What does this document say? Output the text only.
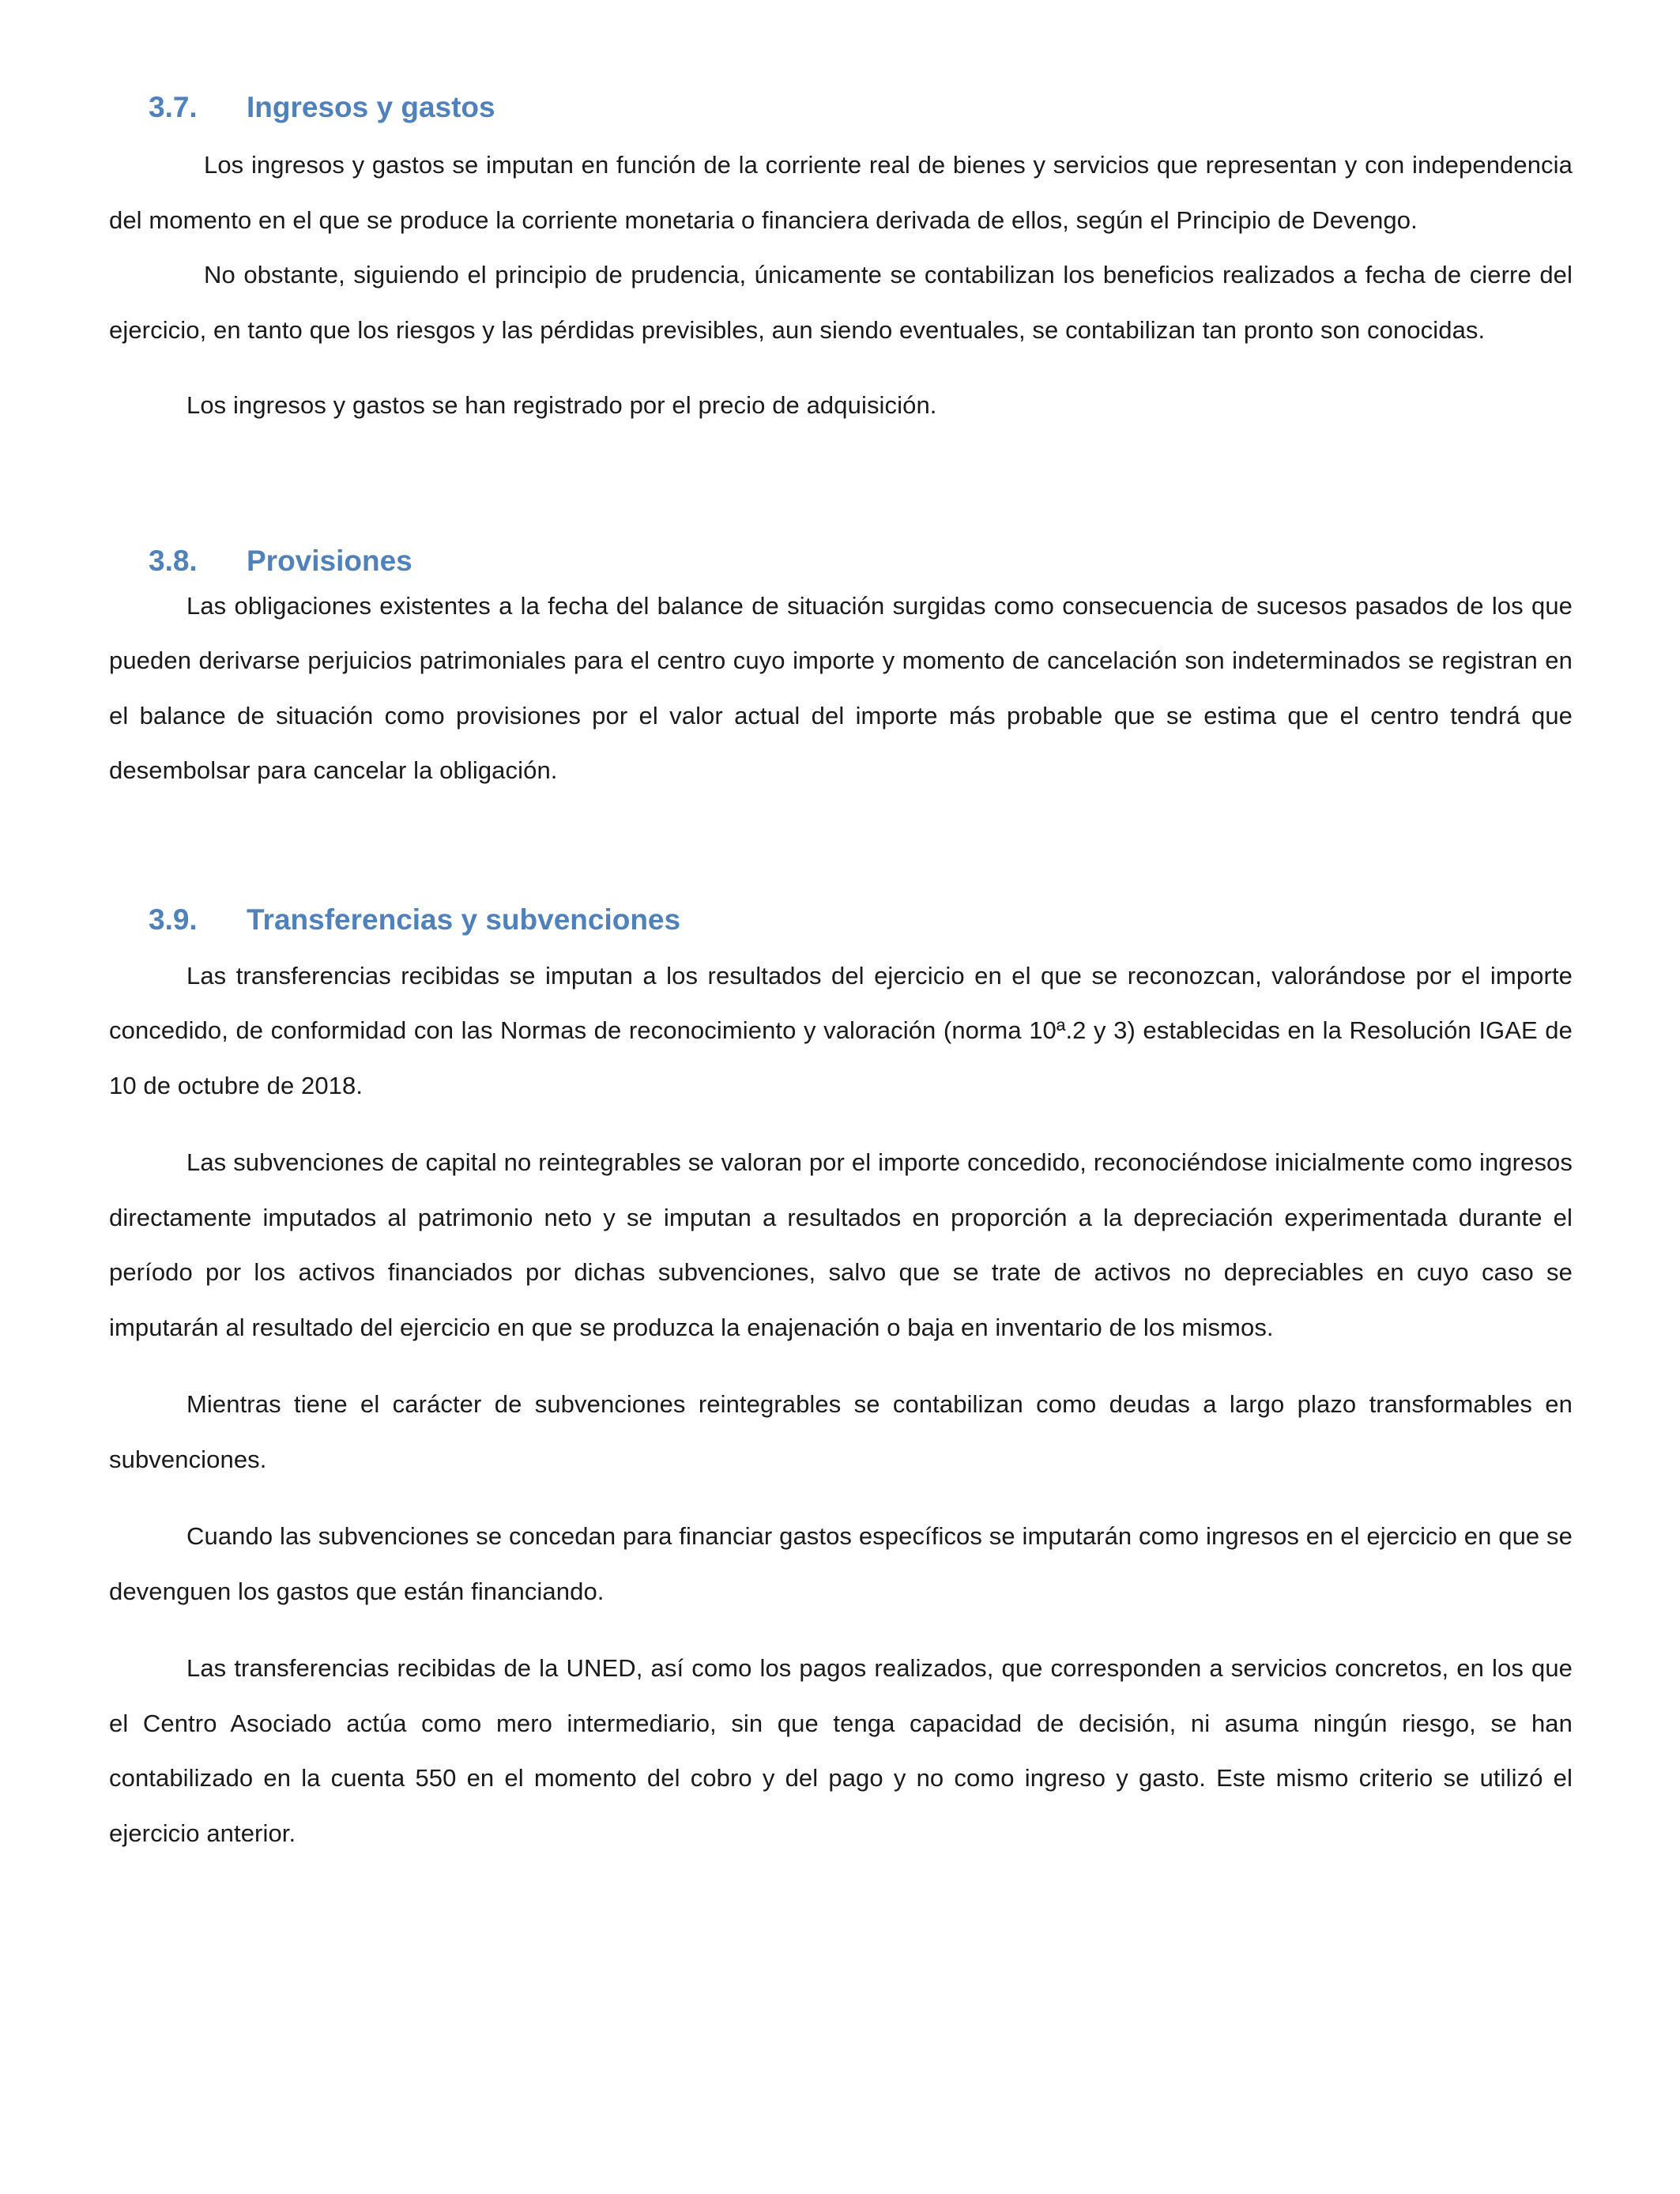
3.7.	Ingresos y gastos

Los ingresos y gastos se imputan en función de la corriente real de bienes y servicios que representan y con independencia del momento en el que se produce la corriente monetaria o financiera derivada de ellos, según el Principio de Devengo.

No obstante, siguiendo el principio de prudencia, únicamente se contabilizan los beneficios realizados a fecha de cierre del ejercicio, en tanto que los riesgos y las pérdidas previsibles, aun siendo eventuales, se contabilizan tan pronto son conocidas.

Los ingresos y gastos se han registrado por el precio de adquisición.

3.8.	Provisiones

Las obligaciones existentes a la fecha del balance de situación surgidas como consecuencia de sucesos pasados de los que pueden derivarse perjuicios patrimoniales para el centro cuyo importe y momento de cancelación son indeterminados se registran en el balance de situación como provisiones por el valor actual del importe más probable que se estima que el centro tendrá que desembolsar para cancelar la obligación.

3.9.	Transferencias y subvenciones

Las transferencias recibidas se imputan a los resultados del ejercicio en el que se reconozcan, valorándose por el importe concedido, de conformidad con las Normas de reconocimiento y valoración (norma 10ª.2 y 3) establecidas en la Resolución IGAE de 10 de octubre de 2018.

Las subvenciones de capital no reintegrables se valoran por el importe concedido, reconociéndose inicialmente como ingresos directamente imputados al patrimonio neto y se imputan a resultados en proporción a la depreciación experimentada durante el período por los activos financiados por dichas subvenciones, salvo que se trate de activos no depreciables en cuyo caso se imputarán al resultado del ejercicio en que se produzca la enajenación o baja en inventario de los mismos.

Mientras tiene el carácter de subvenciones reintegrables se contabilizan como deudas a largo plazo transformables en subvenciones.

Cuando las subvenciones se concedan para financiar gastos específicos se imputarán como ingresos en el ejercicio en que se devenguen los gastos que están financiando.

Las transferencias recibidas de la UNED, así como los pagos realizados, que corresponden a servicios concretos, en los que el Centro Asociado actúa como mero intermediario, sin que tenga capacidad de decisión, ni asuma ningún riesgo, se han contabilizado en la cuenta 550 en el momento del cobro y del pago y no como ingreso y gasto. Este mismo criterio se utilizó el ejercicio anterior.
